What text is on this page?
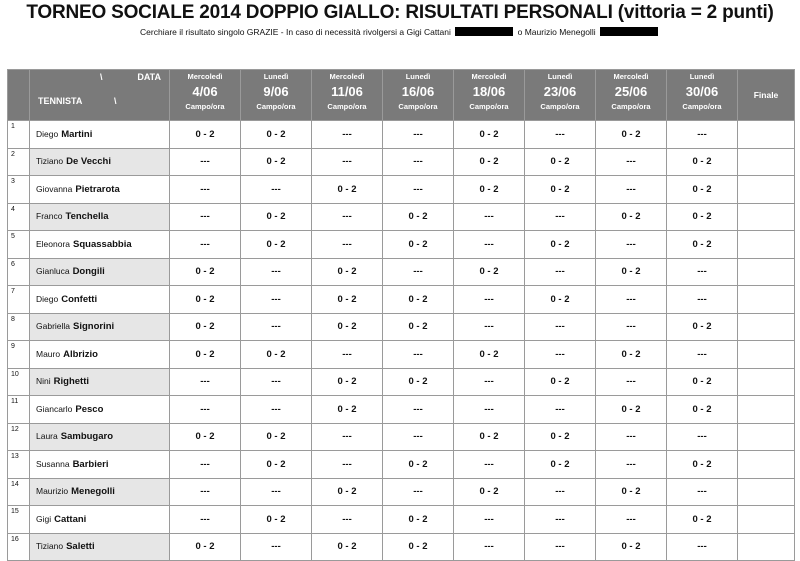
TORNEO SOCIALE 2014 DOPPIO GIALLO: RISULTATI PERSONALI (vittoria = 2 punti)
Cerchiare il risultato singolo GRAZIE - In caso di necessità rivolgersi a Gigi Cattani	o Maurizio Menegolli

	\ DATA
TENNISTA \	Mercoledì
4/06
Campo/ora	Lunedì
9/06
Campo/ora	Mercoledì
11/06
Campo/ora	Lunedì
16/06
Campo/ora	Mercoledì
18/06
Campo/ora	Lunedì
23/06
Campo/ora	Mercoledì
25/06
Campo/ora	Lunedì
30/06
Campo/ora	Finale
1	Diego Martini	0 - 2	0 - 2	---	---	0 - 2	---	0 - 2	---	
2	Tiziano De Vecchi	---	0 - 2	---	---	0 - 2	0 - 2	---	0 - 2	
3	Giovanna Pietrarota	---	---	0 - 2	---	0 - 2	0 - 2	---	0 - 2	
4	Franco Tenchella	---	0 - 2	---	0 - 2	---	---	0 - 2	0 - 2	
5	Eleonora Squassabbia	---	0 - 2	---	0 - 2	---	0 - 2	---	0 - 2	
6	Gianluca Dongili	0 - 2	---	0 - 2	---	0 - 2	---	0 - 2	---	
7	Diego Confetti	0 - 2	---	0 - 2	0 - 2	---	0 - 2	---	---	
8	Gabriella Signorini	0 - 2	---	0 - 2	0 - 2	---	---	---	0 - 2	
9	Mauro Albrizio	0 - 2	0 - 2	---	---	0 - 2	---	0 - 2	---	
10	Nini Righetti	---	---	0 - 2	0 - 2	---	0 - 2	---	0 - 2	
11	Giancarlo Pesco	---	---	0 - 2	---	---	---	0 - 2	0 - 2	
12	Laura Sambugaro	0 - 2	0 - 2	---	---	0 - 2	0 - 2	---	---	
13	Susanna Barbieri	---	0 - 2	---	0 - 2	---	0 - 2	---	0 - 2	
14	Maurizio Menegolli	---	---	0 - 2	---	0 - 2	---	0 - 2	---	
15	Gigi Cattani	---	0 - 2	---	0 - 2	---	---	---	0 - 2	
16	Tiziano Saletti	0 - 2	---	0 - 2	0 - 2	---	---	0 - 2	---	
